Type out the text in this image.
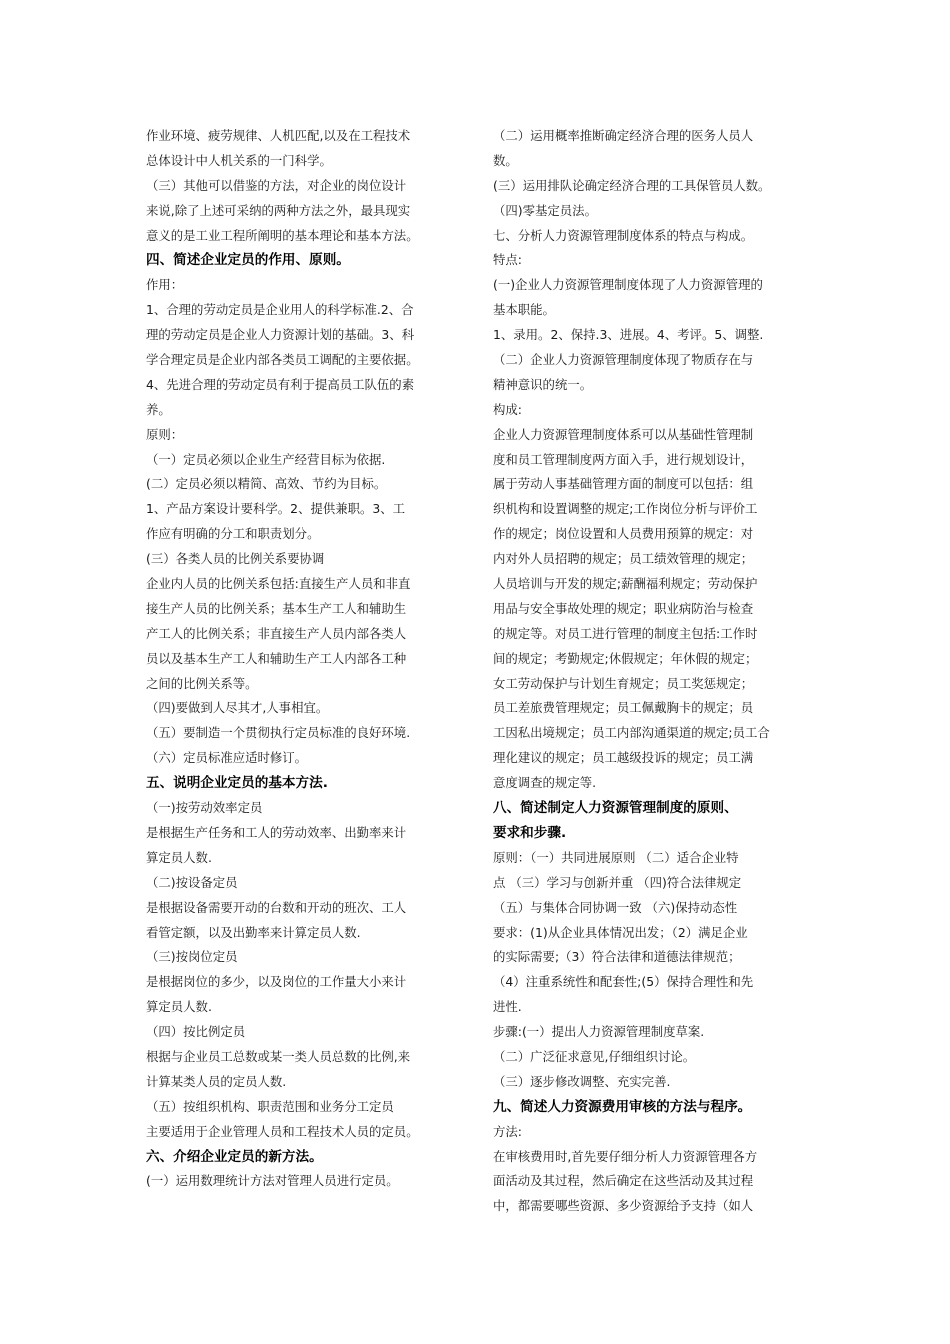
作业环境、疲劳规律、人机匹配,以及在工程技术
总体设计中人机关系的一门科学。
（三）其他可以借鉴的方法，对企业的岗位设计
来说,除了上述可采纳的两种方法之外，最具现实
意义的是工业工程所阐明的基本理论和基本方法。
四、简述企业定员的作用、原则。
作用：
1、合理的劳动定员是企业用人的科学标准.2、合
理的劳动定员是企业人力资源计划的基础。3、科
学合理定员是企业内部各类员工调配的主要依据。
4、先进合理的劳动定员有利于提高员工队伍的素
养。
原则：
（一）定员必须以企业生产经营目标为依据.
(二）定员必须以精简、高效、节约为目标。
1、产品方案设计要科学。2、提供兼职。3、工
作应有明确的分工和职责划分。
(三）各类人员的比例关系要协调
企业内人员的比例关系包括:直接生产人员和非直
接生产人员的比例关系；基本生产工人和辅助生
产工人的比例关系；非直接生产人员内部各类人
员以及基本生产工人和辅助生产工人内部各工种
之间的比例关系等。
（四)要做到人尽其才,人事相宜。
（五）要制造一个贯彻执行定员标准的良好环境.
（六）定员标准应适时修订。
五、说明企业定员的基本方法.
（一)按劳动效率定员
是根据生产任务和工人的劳动效率、出勤率来计
算定员人数.
（二)按设备定员
是根据设备需要开动的台数和开动的班次、工人
看管定额，以及出勤率来计算定员人数.
（三)按岗位定员
是根据岗位的多少，以及岗位的工作量大小来计
算定员人数.
（四）按比例定员
根据与企业员工总数或某一类人员总数的比例,来
计算某类人员的定员人数.
（五）按组织机构、职责范围和业务分工定员
主要适用于企业管理人员和工程技术人员的定员。
六、介绍企业定员的新方法。
(一）运用数理统计方法对管理人员进行定员。
（二）运用概率推断确定经济合理的医务人员人
数。
(三）运用排队论确定经济合理的工具保管员人数。
（四)零基定员法。
七、分析人力资源管理制度体系的特点与构成。
特点:
(一)企业人力资源管理制度体现了人力资源管理的
基本职能。
1、录用。2、保持.3、进展。4、考评。5、调整.
（二）企业人力资源管理制度体现了物质存在与
精神意识的统一。
构成:
企业人力资源管理制度体系可以从基础性管理制
度和员工管理制度两方面入手，进行规划设计，
属于劳动人事基础管理方面的制度可以包括：组
织机构和设置调整的规定;工作岗位分析与评价工
作的规定；岗位设置和人员费用预算的规定：对
内对外人员招聘的规定；员工绩效管理的规定；
人员培训与开发的规定;薪酬福利规定；劳动保护
用品与安全事故处理的规定；职业病防治与检查
的规定等。对员工进行管理的制度主包括:工作时
间的规定；考勤规定;休假规定；年休假的规定；
女工劳动保护与计划生育规定；员工奖惩规定；
员工差旅费管理规定；员工佩戴胸卡的规定；员
工因私出境规定；员工内部沟通渠道的规定;员工合
理化建议的规定；员工越级投诉的规定；员工满
意度调查的规定等.
八、简述制定人力资源管理制度的原则、
要求和步骤.
原则：（一）共同进展原则 （二）适合企业特
点 （三）学习与创新并重 （四)符合法律规定
（五）与集体合同协调一致 （六)保持动态性
要求：(1)从企业具体情况出发；（2）满足企业
的实际需要;（3）符合法律和道德法律规范；
（4）注重系统性和配套性;(5）保持合理性和先
进性.
步骤:(一）提出人力资源管理制度草案.
（二）广泛征求意见,仔细组织讨论。
（三）逐步修改调整、充实完善.
九、简述人力资源费用审核的方法与程序。
方法:
在审核费用时,首先要仔细分析人力资源管理各方
面活动及其过程，然后确定在这些活动及其过程
中，都需要哪些资源、多少资源给予支持（如人
